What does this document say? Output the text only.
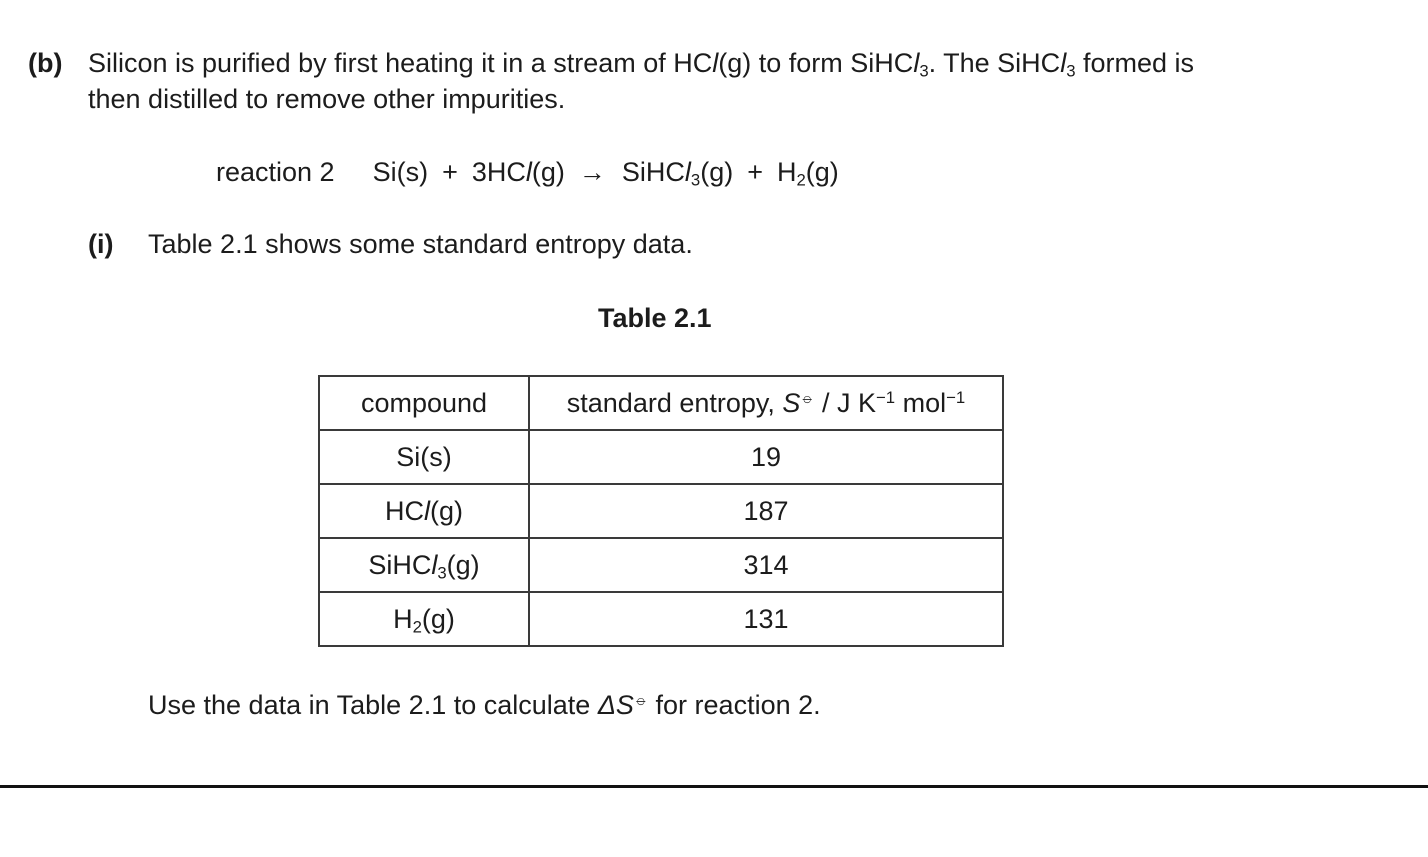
(b) Silicon is purified by first heating it in a stream of HCl(g) to form SiHCl$_3$. The SiHCl$_3$ formed is
then distilled to remove other impurities.
reaction 2 Si(s) + 3HCl(g) → SiHCl$_3$(g) + $H_2(g)$
(i) Table 2.1 shows some standard entropy data.
Table 2.1
compound	standard entropy, S⦵ / J $K^{-1}$ mol$^{-1}$
Si(s)	19
HCl(g)	187
SiHCl$_3$(g)	314
$H_2(g)$	131
Use the data in Table 2.1 to calculate ΔS⦵ for reaction 2.
